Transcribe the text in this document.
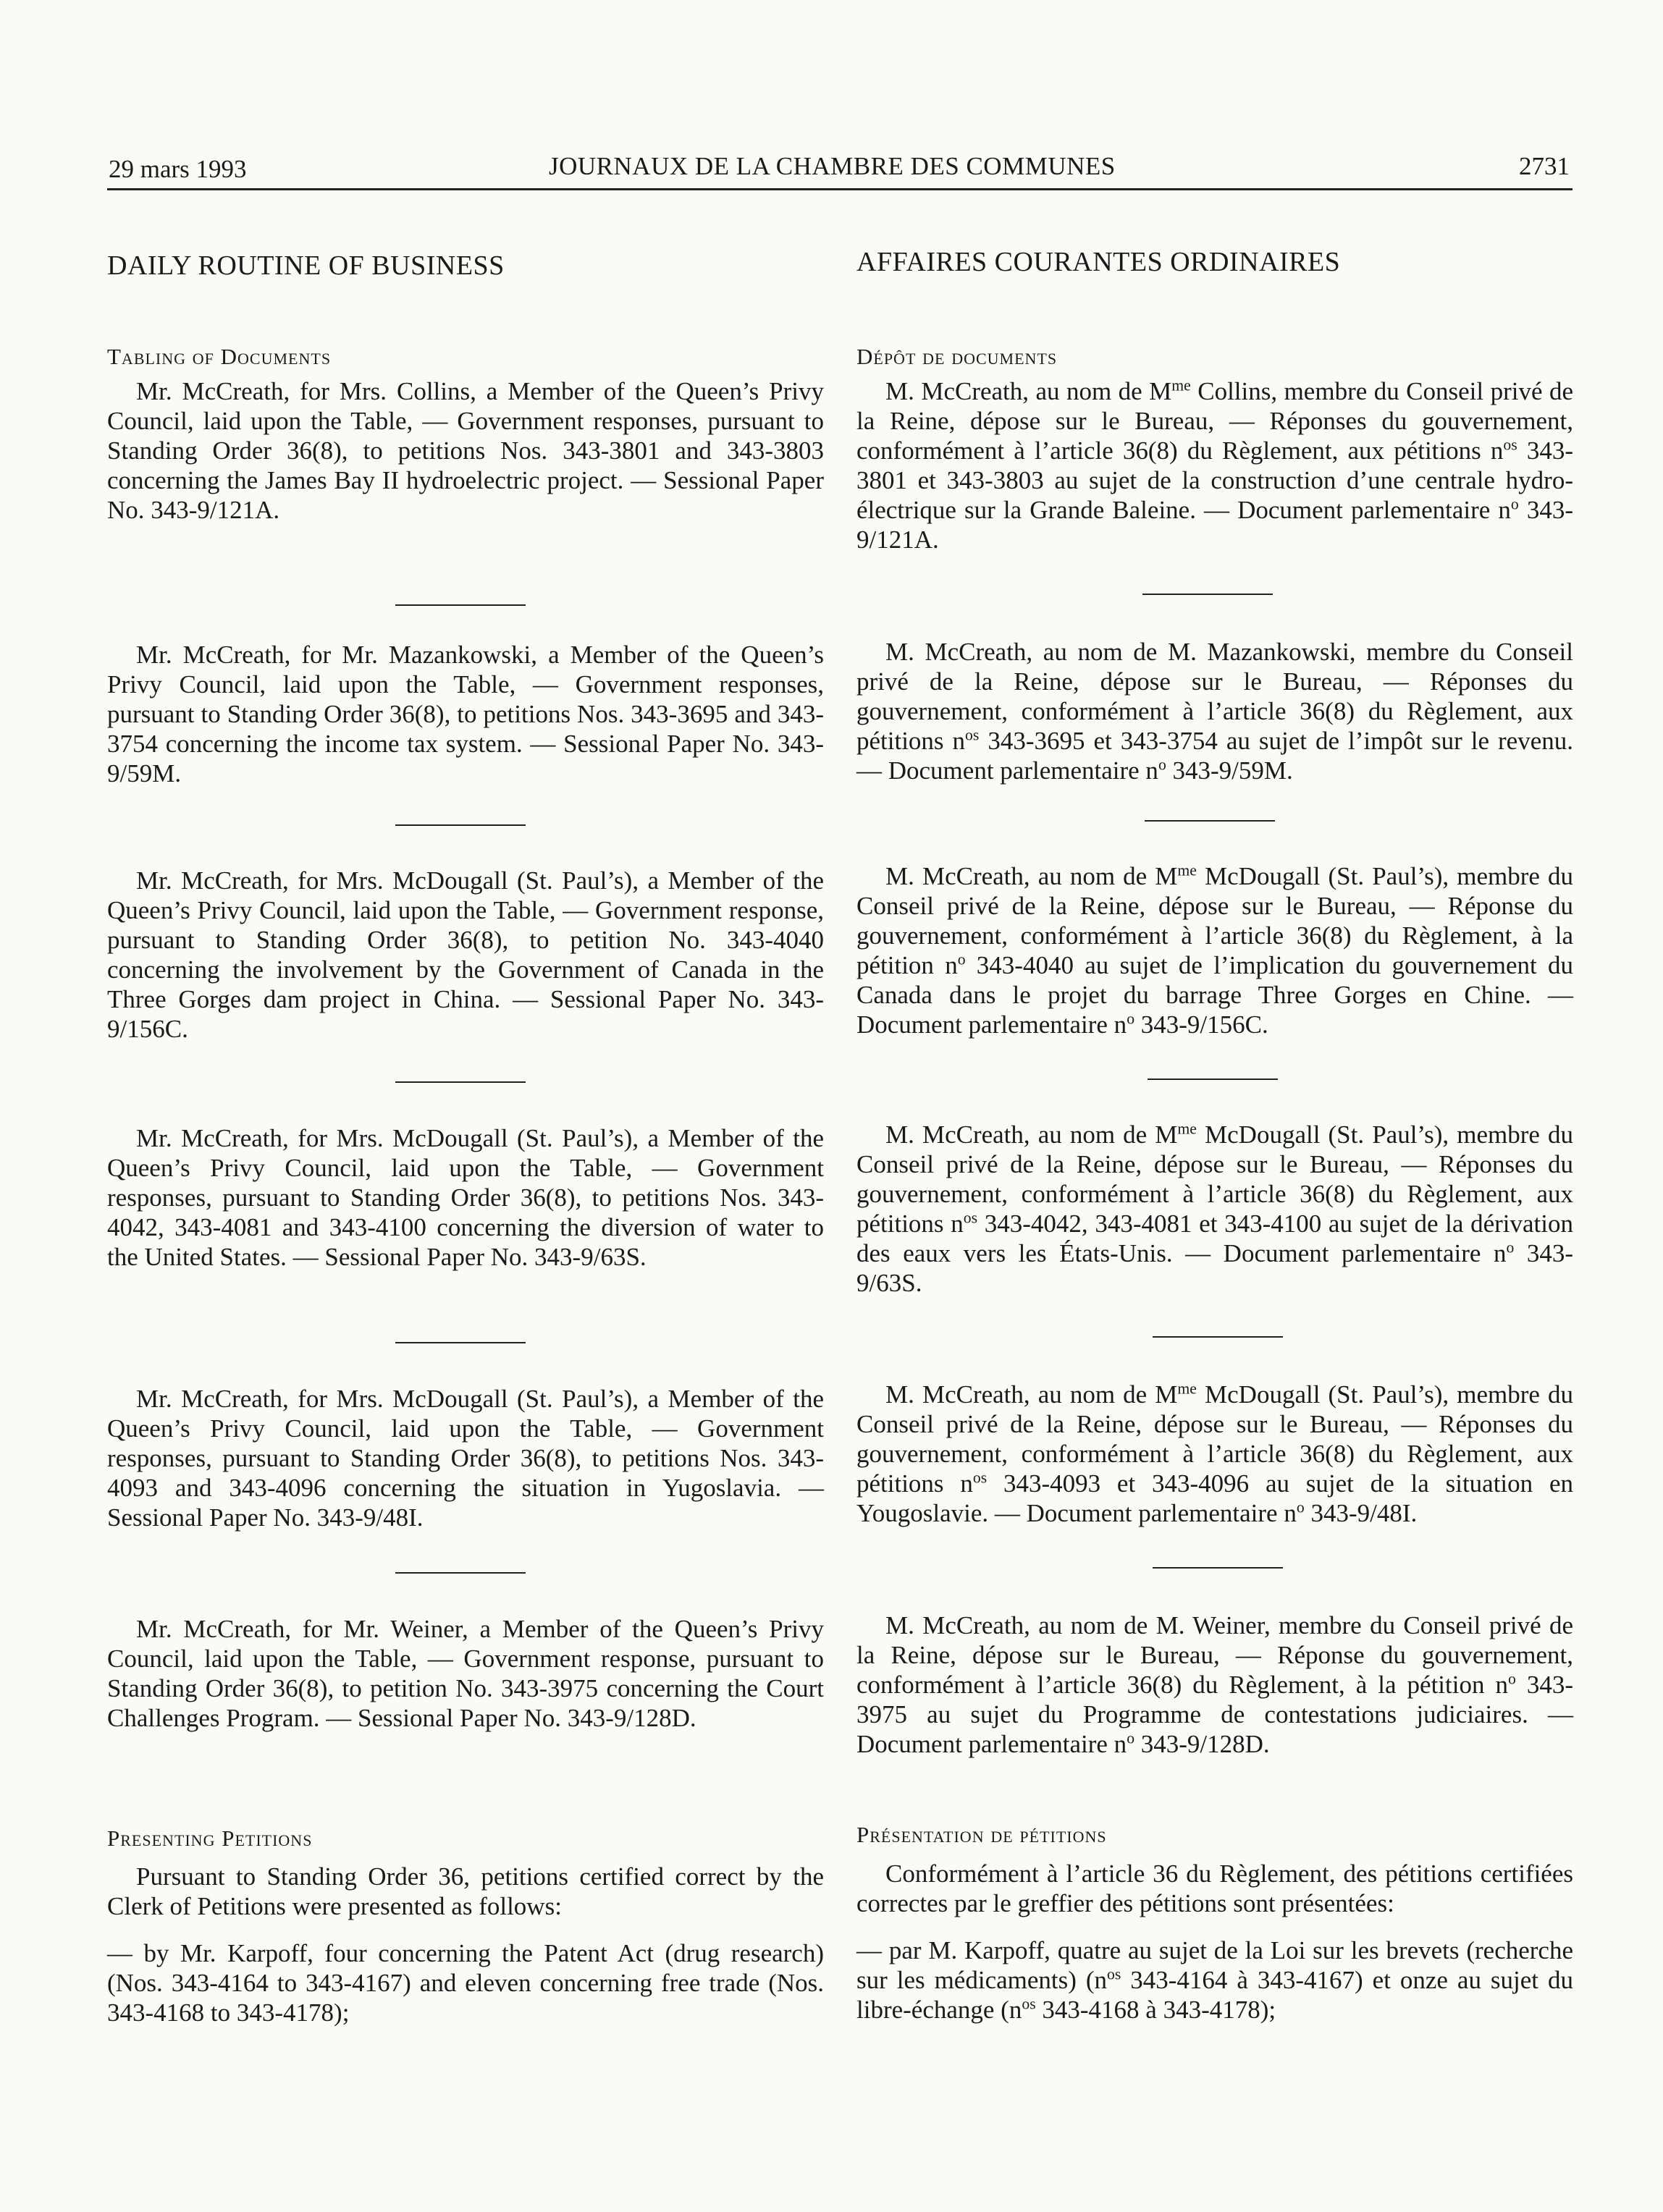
29 mars 1993	JOURNAUX DE LA CHAMBRE DES COMMUNES	2731
DAILY ROUTINE OF BUSINESS
Tabling of Documents

Mr. McCreath, for Mrs. Collins, a Member of the Queen’s Privy Council, laid upon the Table, — Government responses, pursuant to Standing Order 36(8), to petitions Nos. 343-3801 and 343-3803 concerning the James Bay II hydroelectric project. — Sessional Paper No. 343-9/121A.

Mr. McCreath, for Mr. Mazankowski, a Member of the Queen’s Privy Council, laid upon the Table, — Government responses, pursuant to Standing Order 36(8), to petitions Nos. 343-3695 and 343-3754 concerning the income tax system. — Sessional Paper No. 343-9/59M.

Mr. McCreath, for Mrs. McDougall (St. Paul’s), a Member of the Queen’s Privy Council, laid upon the Table, — Government response, pursuant to Standing Order 36(8), to petition No. 343-4040 concerning the involvement by the Government of Canada in the Three Gorges dam project in China. — Sessional Paper No. 343-9/156C.

Mr. McCreath, for Mrs. McDougall (St. Paul’s), a Member of the Queen’s Privy Council, laid upon the Table, — Government responses, pursuant to Standing Order 36(8), to petitions Nos. 343-4042, 343-4081 and 343-4100 concerning the diversion of water to the United States. — Sessional Paper No. 343-9/63S.

Mr. McCreath, for Mrs. McDougall (St. Paul’s), a Member of the Queen’s Privy Council, laid upon the Table, — Government responses, pursuant to Standing Order 36(8), to petitions Nos. 343-4093 and 343-4096 concerning the situation in Yugoslavia. — Sessional Paper No. 343-9/48I.

Mr. McCreath, for Mr. Weiner, a Member of the Queen’s Privy Council, laid upon the Table, — Government response, pursuant to Standing Order 36(8), to petition No. 343-3975 concerning the Court Challenges Program. — Sessional Paper No. 343-9/128D.

Presenting Petitions

Pursuant to Standing Order 36, petitions certified correct by the Clerk of Petitions were presented as follows:

— by Mr. Karpoff, four concerning the Patent Act (drug research) (Nos. 343-4164 to 343-4167) and eleven concerning free trade (Nos. 343-4168 to 343-4178);

AFFAIRES COURANTES ORDINAIRES
Dépôt de documents

M. McCreath, au nom de $M^{me}$ Collins, membre du Conseil privé de la Reine, dépose sur le Bureau, — Réponses du gouvernement, conformément à l’article 36(8) du Règlement, aux pétitions $n^{os}$ 343-3801 et 343-3803 au sujet de la construction d’une centrale hydro-électrique sur la Grande Baleine. — Document parlementaire $n^o$ 343-9/121A.

M. McCreath, au nom de M. Mazankowski, membre du Conseil privé de la Reine, dépose sur le Bureau, — Réponses du gouvernement, conformément à l’article 36(8) du Règlement, aux pétitions $n^{os}$ 343-3695 et 343-3754 au sujet de l’impôt sur le revenu. — Document parlementaire $n^o$ 343-9/59M.

M. McCreath, au nom de $M^{me}$ McDougall (St. Paul’s), membre du Conseil privé de la Reine, dépose sur le Bureau, — Réponse du gouvernement, conformément à l’article 36(8) du Règlement, à la pétition $n^o$ 343-4040 au sujet de l’implication du gouvernement du Canada dans le projet du barrage Three Gorges en Chine. — Document parlementaire $n^o$ 343-9/156C.

M. McCreath, au nom de $M^{me}$ McDougall (St. Paul’s), membre du Conseil privé de la Reine, dépose sur le Bureau, — Réponses du gouvernement, conformément à l’article 36(8) du Règlement, aux pétitions $n^{os}$ 343-4042, 343-4081 et 343-4100 au sujet de la dérivation des eaux vers les États-Unis. — Document parlementaire $n^o$ 343-9/63S.

M. McCreath, au nom de $M^{me}$ McDougall (St. Paul’s), membre du Conseil privé de la Reine, dépose sur le Bureau, — Réponses du gouvernement, conformément à l’article 36(8) du Règlement, aux pétitions $n^{os}$ 343-4093 et 343-4096 au sujet de la situation en Yougoslavie. — Document parlementaire $n^o$ 343-9/48I.

M. McCreath, au nom de M. Weiner, membre du Conseil privé de la Reine, dépose sur le Bureau, — Réponse du gouvernement, conformément à l’article 36(8) du Règlement, à la pétition $n^o$ 343-3975 au sujet du Programme de contestations judiciaires. — Document parlementaire $n^o$ 343-9/128D.

Présentation de pétitions

Conformément à l’article 36 du Règlement, des pétitions certifiées correctes par le greffier des pétitions sont présentées:

— par M. Karpoff, quatre au sujet de la Loi sur les brevets (recherche sur les médicaments) ($n^{os}$ 343-4164 à 343-4167) et onze au sujet du libre-échange ($n^{os}$ 343-4168 à 343-4178);
